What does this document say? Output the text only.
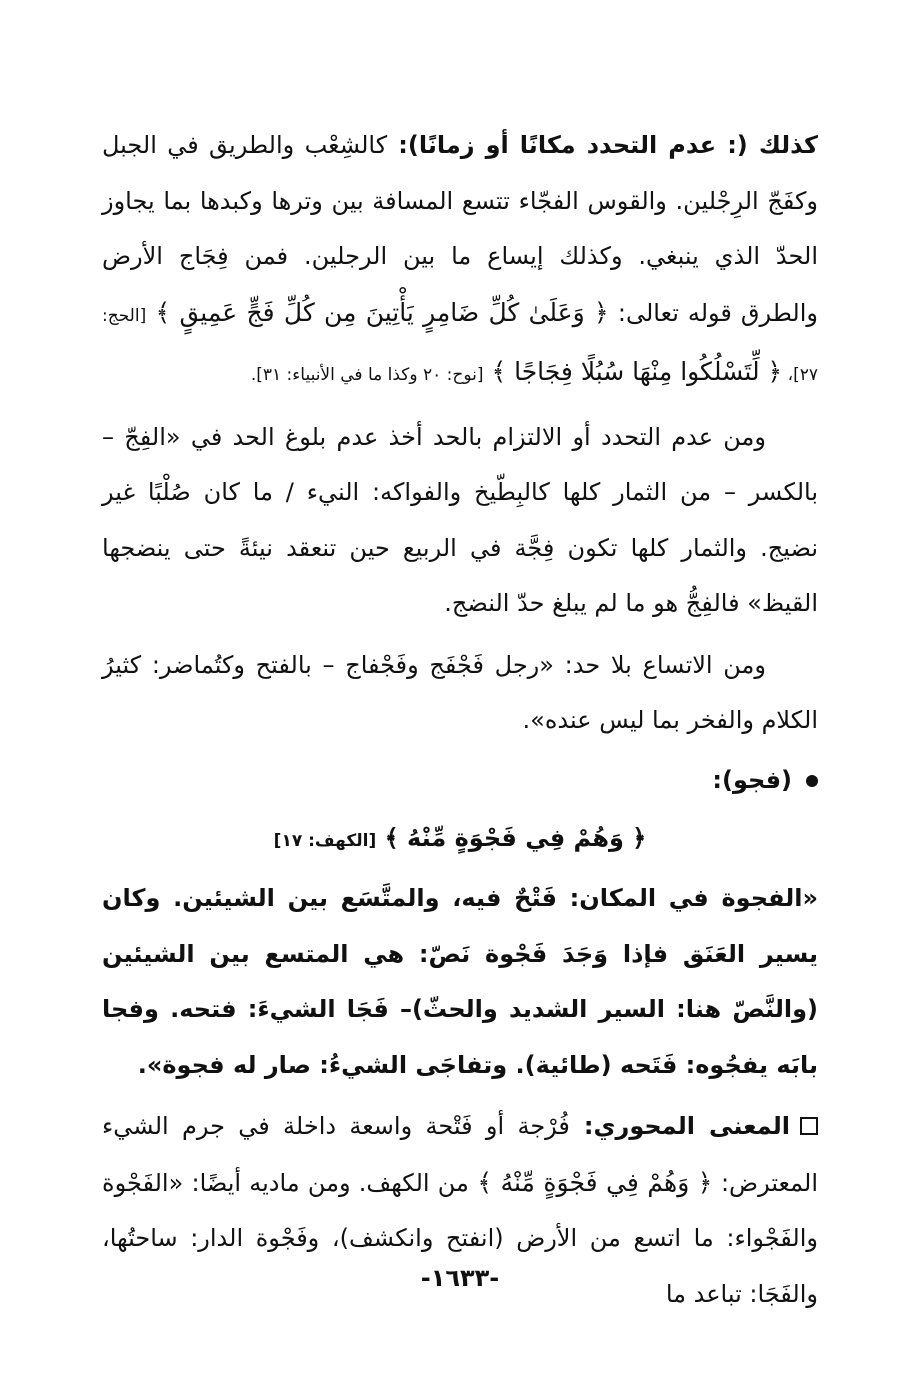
كذلك (: عدم التحدد مكانًا أو زمانًا): كالشِعْب والطريق في الجبل وكفَجّ الرِجْلين. والقوس الفجّاء تتسع المسافة بين وترها وكبدها بما يجاوز الحدّ الذي ينبغي. وكذلك إيساع ما بين الرجلين. فمن فِجَاج الأرض والطرق قوله تعالى: ﴿ وَعَلَىٰ كُلِّ ضَامِرٍ يَأْتِينَ مِن كُلِّ فَجٍّ عَمِيقٍ ﴾ [الحج: ٢٧]، ﴿ لِّتَسْلُكُوا مِنْهَا سُبُلًا فِجَاجًا ﴾ [نوح: ٢٠ وكذا ما في الأنبياء: ٣١].

ومن عدم التحدد أو الالتزام بالحد أخذ عدم بلوغ الحد في «الفِجّ – بالكسر – من الثمار كلها كالبِطّيخ والفواكه: النيء / ما كان صُلْبًا غير نضيج. والثمار كلها تكون فِجَّة في الربيع حين تنعقد نيئةً حتى ينضجها القيظ» فالفِجُّ هو ما لم يبلغ حدّ النضج.

ومن الاتساع بلا حد: «رجل فَجْفَج وفَجْفاج – بالفتح وكتُماضر: كثيرُ الكلام والفخر بما ليس عنده».

(فجو):

﴿ وَهُمْ فِي فَجْوَةٍ مِّنْهُ ﴾ [الكهف: ١٧]

«الفجوة في المكان: فَتْحٌ فيه، والمتَّسَع بين الشيئين. وكان يسير العَنَق فإذا وَجَدَ فَجْوة نَصّ: هي المتسع بين الشيئين (والنَّصّ هنا: السير الشديد والحثّ)– فَجَا الشيءَ: فتحه. وفجا بابَه يفجُوه: فَتَحه (طائية). وتفاجَى الشيءُ: صار له فجوة».

المعنى المحوري: فُرْجة أو فَتْحة واسعة داخلة في جرم الشيء المعترض: ﴿ وَهُمْ فِي فَجْوَةٍ مِّنْهُ ﴾ من الكهف. ومن ماديه أيضًا: «الفَجْوة والفَجْواء: ما اتسع من الأرض (انفتح وانكشف)، وفَجْوة الدار: ساحتُها، والفَجَا: تباعد ما

-١٦٣٣-
